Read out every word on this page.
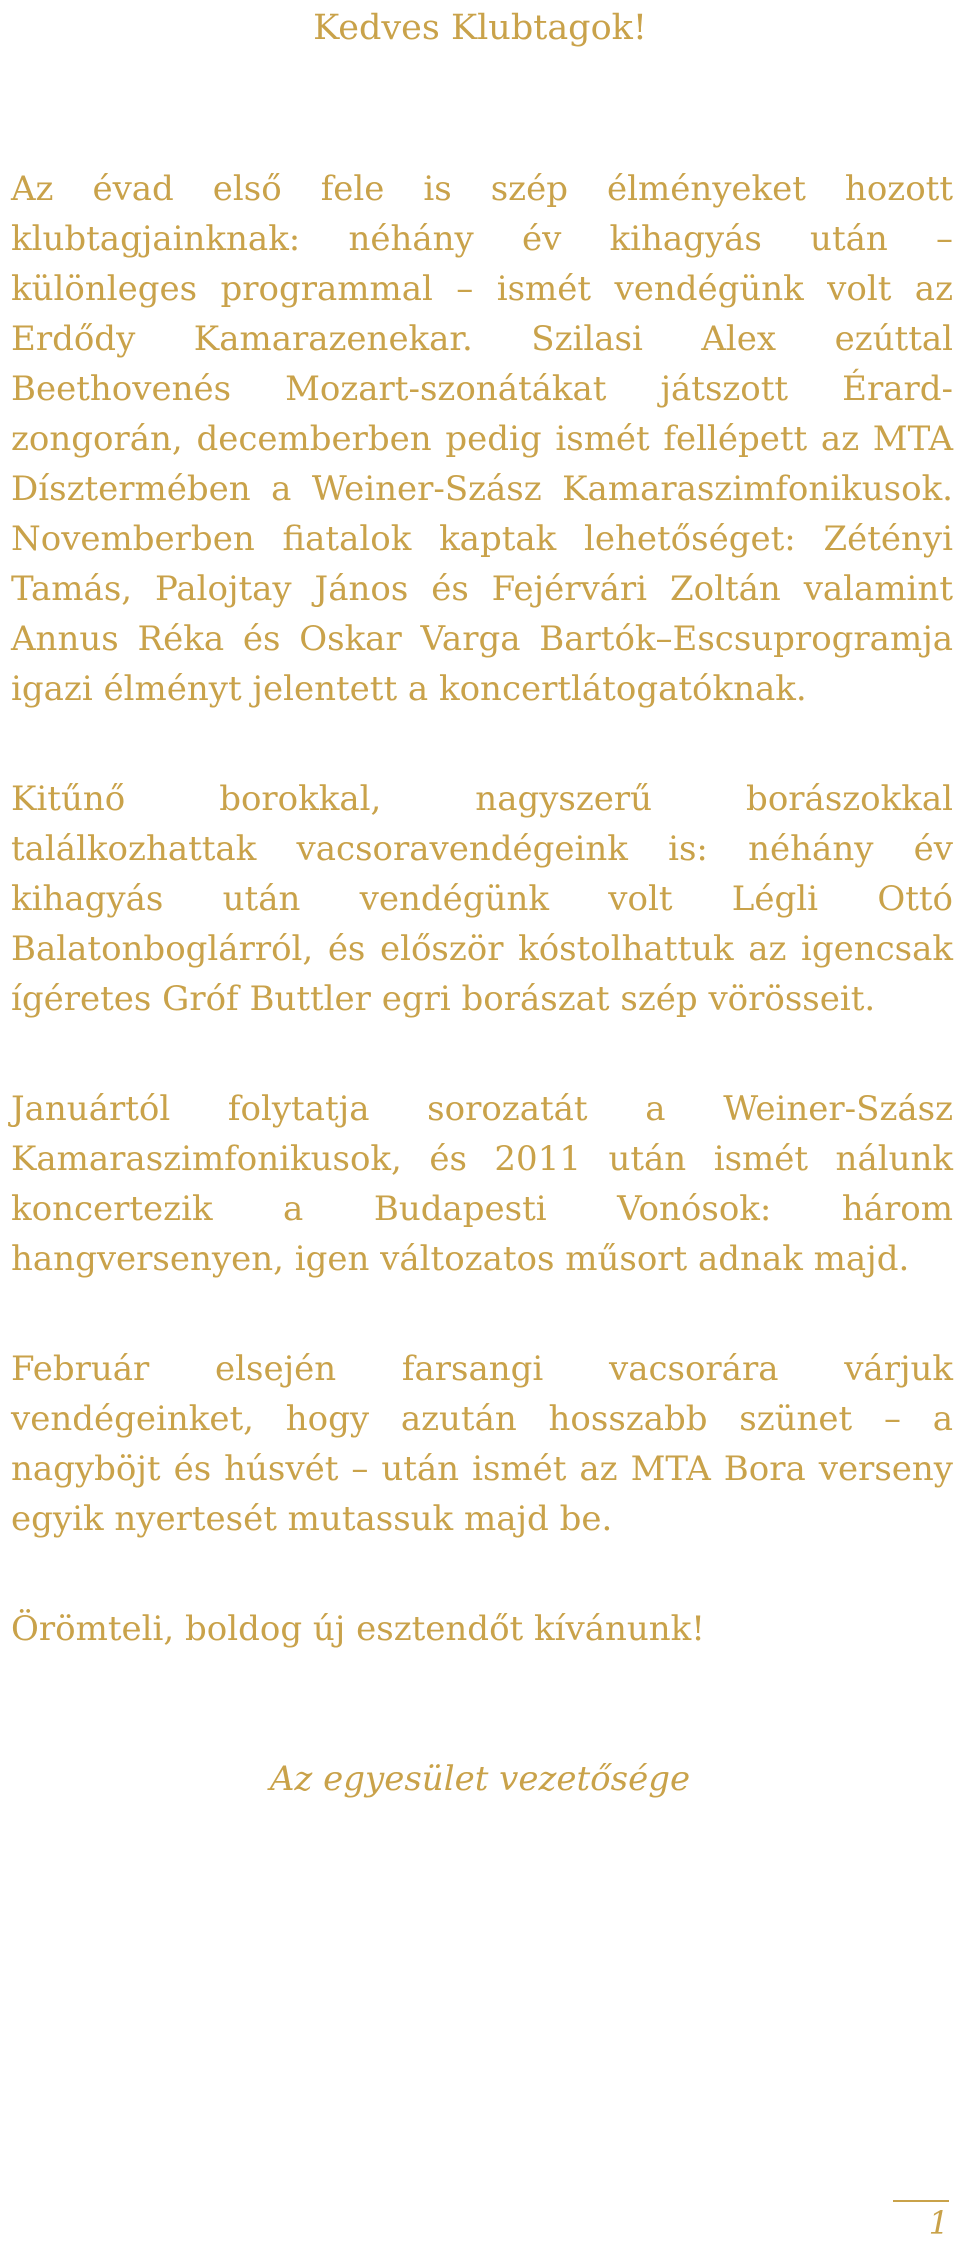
Kedves Klubtagok!

Az évad első fele is szép élményeket hozott klubtagjainknak: néhány év kihagyás után – különleges programmal – ismét vendégünk volt az Erdődy Kamarazenekar. Szilasi Alex ezúttal Beethovenés Mozart-szonátákat játszott Érard-zongorán, decemberben pedig ismét fellépett az MTA Dísztermében a Weiner-Szász Kamaraszimfonikusok. Novemberben fiatalok kaptak lehetőséget: Zétényi Tamás, Palojtay János és Fejérvári Zoltán valamint Annus Réka és Oskar Varga Bartók–Escsuprogramja igazi élményt jelentett a koncertlátogatóknak.

Kitűnő borokkal, nagyszerű borászokkal találkozhattak vacsoravendégeink is: néhány év kihagyás után vendégünk volt Légli Ottó Balatonboglárról, és először kóstolhattuk az igencsak ígéretes Gróf Buttler egri borászat szép vörösseit.

Januártól folytatja sorozatát a Weiner-Szász Kamaraszimfonikusok, és 2011 után ismét nálunk koncertezik a Budapesti Vonósok: három hangversenyen, igen változatos műsort adnak majd.

Február elsején farsangi vacsorára várjuk vendégeinket, hogy azután hosszabb szünet – a nagyböjt és húsvét – után ismét az MTA Bora verseny egyik nyertesét mutassuk majd be.

Örömteli, boldog új esztendőt kívánunk!

Az egyesület vezetősége

1
